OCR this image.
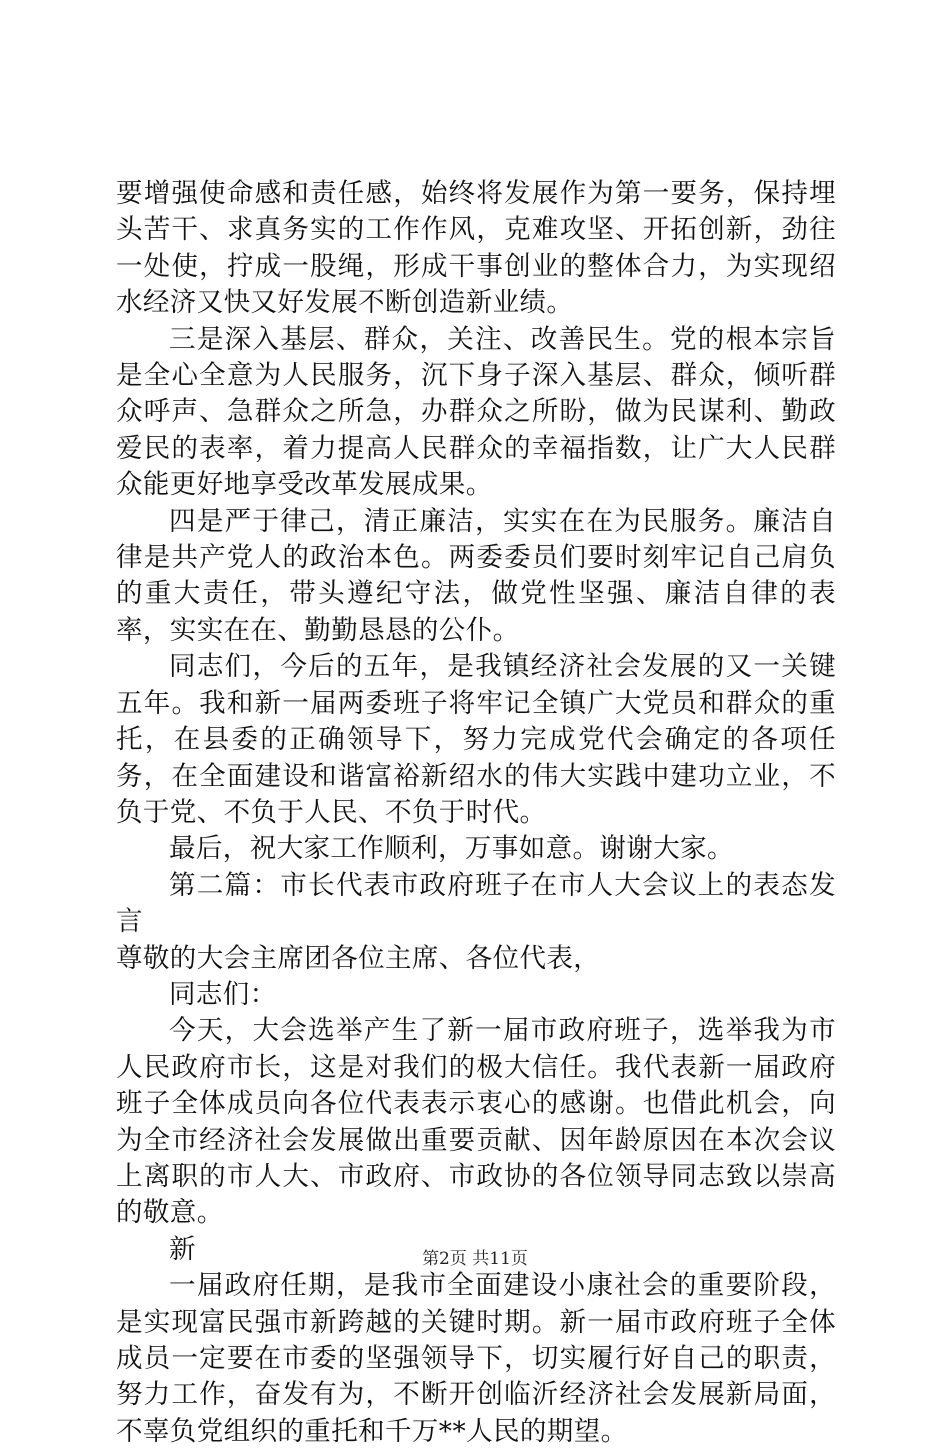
要增强使命感和责任感，始终将发展作为第一要务，保持埋头苦干、求真务实的工作作风，克难攻坚、开拓创新，劲往一处使，拧成一股绳，形成干事创业的整体合力，为实现绍水经济又快又好发展不断创造新业绩。

三是深入基层、群众，关注、改善民生。党的根本宗旨是全心全意为人民服务，沉下身子深入基层、群众，倾听群众呼声、急群众之所急，办群众之所盼，做为民谋利、勤政爱民的表率，着力提高人民群众的幸福指数，让广大人民群众能更好地享受改革发展成果。

四是严于律己，清正廉洁，实实在在为民服务。廉洁自律是共产党人的政治本色。两委委员们要时刻牢记自己肩负的重大责任，带头遵纪守法，做党性坚强、廉洁自律的表率，实实在在、勤勤恳恳的公仆。

同志们，今后的五年，是我镇经济社会发展的又一关键五年。我和新一届两委班子将牢记全镇广大党员和群众的重托，在县委的正确领导下，努力完成党代会确定的各项任务，在全面建设和谐富裕新绍水的伟大实践中建功立业，不负于党、不负于人民、不负于时代。

最后，祝大家工作顺利，万事如意。谢谢大家。

第二篇：市长代表市政府班子在市人大会议上的表态发言

尊敬的大会主席团各位主席、各位代表，

同志们：

今天，大会选举产生了新一届市政府班子，选举我为市人民政府市长，这是对我们的极大信任。我代表新一届政府班子全体成员向各位代表表示衷心的感谢。也借此机会，向为全市经济社会发展做出重要贡献、因年龄原因在本次会议上离职的市人大、市政府、市政协的各位领导同志致以崇高的敬意。

新

一届政府任期，是我市全面建设小康社会的重要阶段，是实现富民强市新跨越的关键时期。新一届市政府班子全体成员一定要在市委的坚强领导下，切实履行好自己的职责，努力工作，奋发有为，不断开创临沂经济社会发展新局面，不辜负党组织的重托和千万**人民的期望。

第2页 共11页
